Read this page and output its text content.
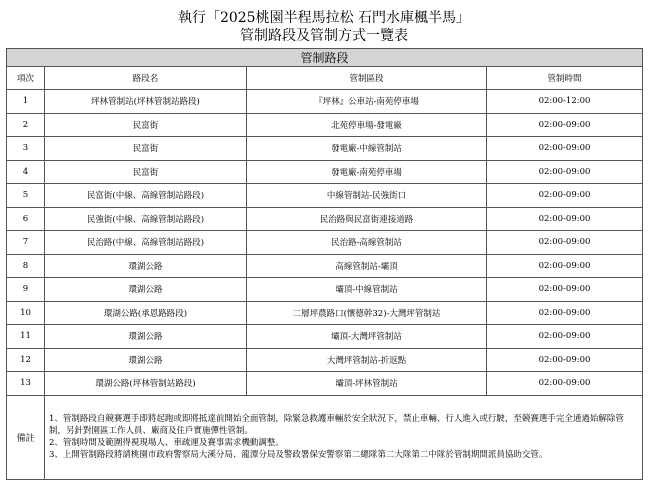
執行「2025桃園半程馬拉松 石門水庫楓半馬」
管制路段及管制方式一覽表
管制路段			
項次	路段名	管制區段	管制時間
1	坪林管制站(坪林管制站路段)	『坪林』公車站-南苑停車場	02:00-12:00
2	民富街	北苑停車場-發電廠	02:00-09:00
3	民富街	發電廠-中線管制站	02:00-09:00
4	民富街	發電廠-南苑停車場	02:00-09:00
5	民富街(中線、高線管制站路段)	中線管制站-民強街口	02:00-09:00
6	民強街(中線、高線管制站路段)	民治路與民富街連接道路	02:00-09:00
7	民治路(中線、高線管制站路段)	民治路-高線管制站	02:00-09:00
8	環湖公路	高線管制站-壩頂	02:00-09:00
9	環湖公路	壩頂-中線管制站	02:00-09:00
10	環湖公路(承恩路路段)	二層坪農路口(懷德幹32)-大灣坪管制站	02:00-09:00
11	環湖公路	壩頂-大灣坪管制站	02:00-09:00
12	環湖公路	大灣坪管制站-折返點	02:00-09:00
13	環湖公路(坪林管制站路段)	壩頂-坪林管制站	02:00-09:00
備註	1、管制路段自競賽選手即將起跑或即將抵達前開始全面管制，除緊急救護車輛於安全狀況下，禁止車輛、行人進入或行駛，至競賽選手完全通過始解除管制，另針對園區工作人員、廠商及住戶實施彈性管制。
2、管制時間及範圍得視現場人、車疏運及賽事需求機動調整。
3、上開管制路段將請桃園市政府警察局大溪分局、龍潭分局及警政署保安警察第二總隊第二大隊第二中隊於管制期間派員協助交管。		
